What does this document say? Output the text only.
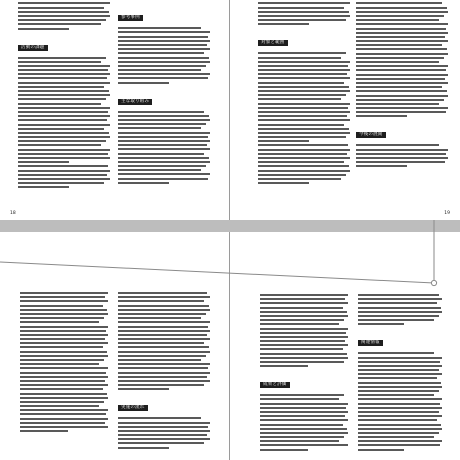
活動の課題
参考事例
主な取り組み
18
対象と範囲
今後の展開
19
実施の流れ
成果と評価
関連情報
